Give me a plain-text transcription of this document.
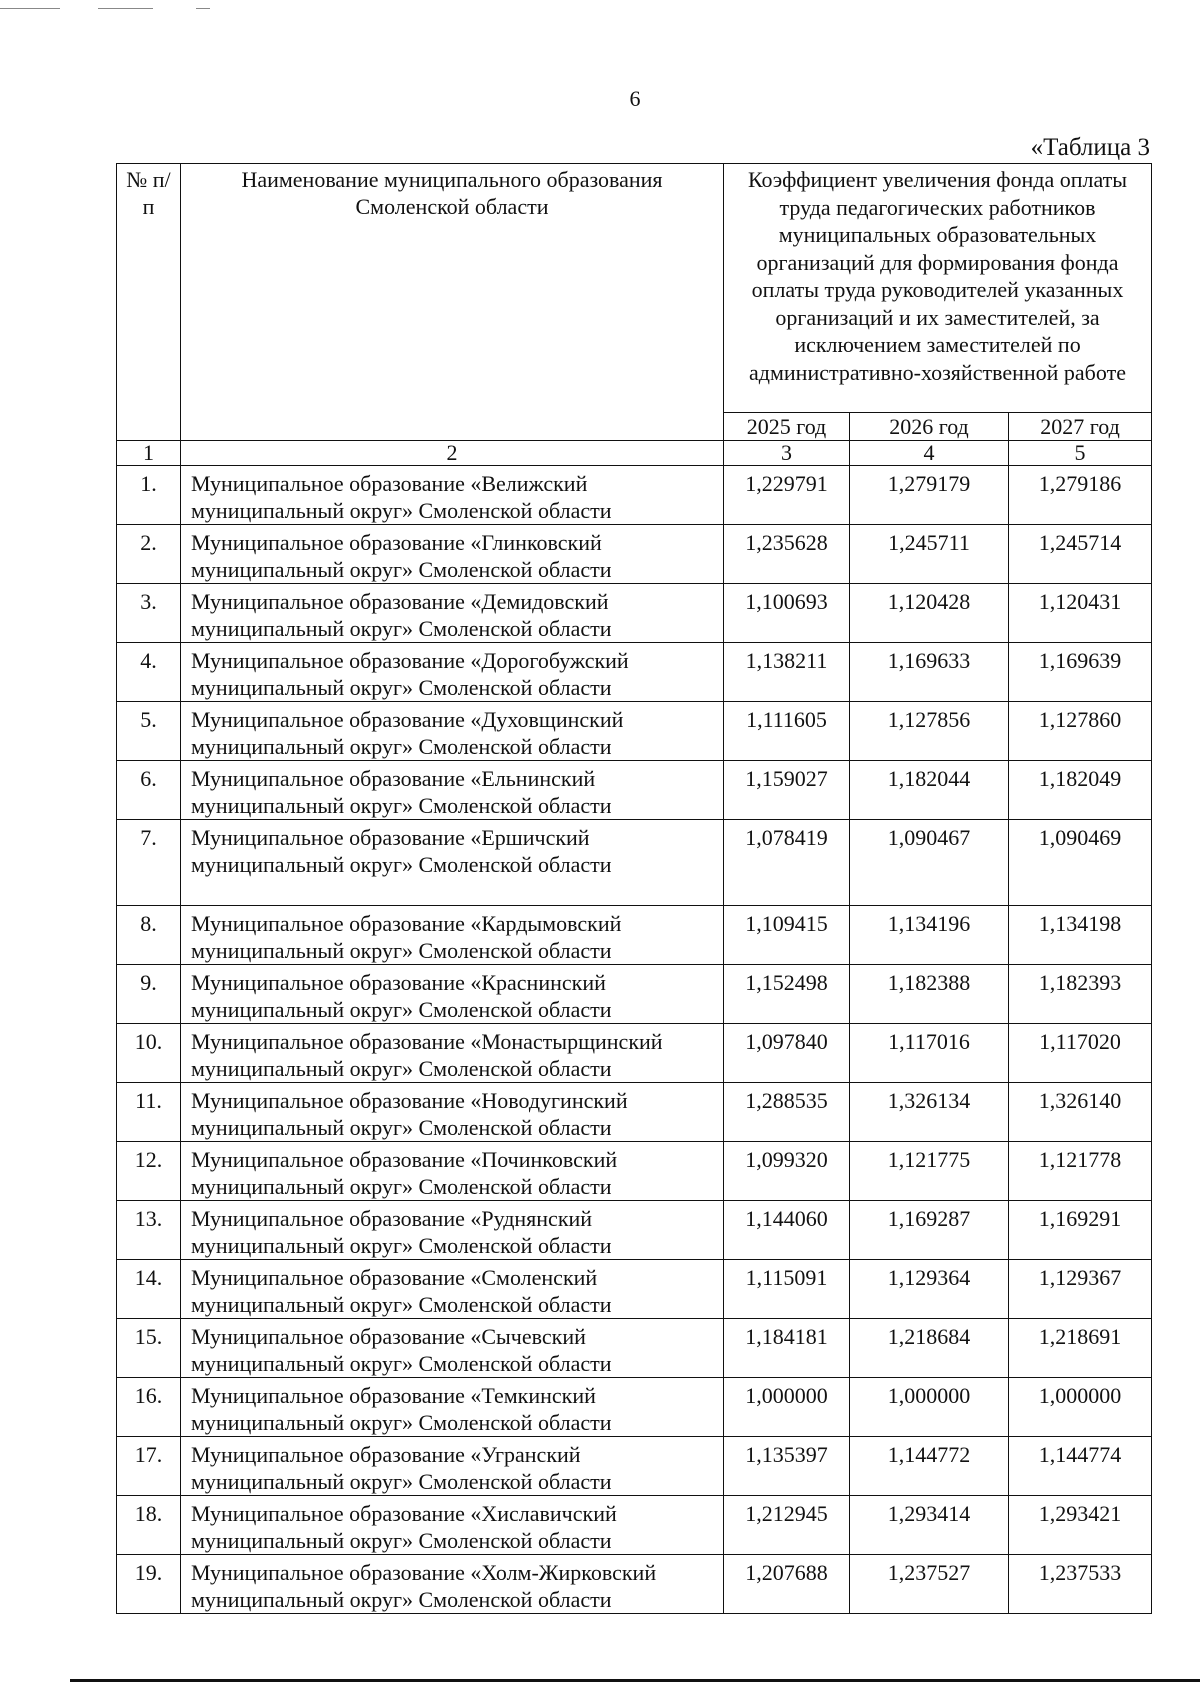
6
«Таблица 3
№ п/п	Наименование муниципального образования Смоленской области	Коэффициент увеличения фонда оплаты труда педагогических работников муниципальных образовательных организаций для формирования фонда оплаты труда руководителей указанных организаций и их заместителей, за исключением заместителей по административно-хозяйственной работе		
		2025 год	2026 год	2027 год
1	2	3	4	5
1.	Муниципальное образование «Велижский муниципальный округ» Смоленской области	1,229791	1,279179	1,279186
2.	Муниципальное образование «Глинковский муниципальный округ» Смоленской области	1,235628	1,245711	1,245714
3.	Муниципальное образование «Демидовский муниципальный округ» Смоленской области	1,100693	1,120428	1,120431
4.	Муниципальное образование «Дорогобужский муниципальный округ» Смоленской области	1,138211	1,169633	1,169639
5.	Муниципальное образование «Духовщинский муниципальный округ» Смоленской области	1,111605	1,127856	1,127860
6.	Муниципальное образование «Ельнинский муниципальный округ» Смоленской области	1,159027	1,182044	1,182049
7.	Муниципальное образование «Ершичский муниципальный округ» Смоленской области	1,078419	1,090467	1,090469
8.	Муниципальное образование «Кардымовский муниципальный округ» Смоленской области	1,109415	1,134196	1,134198
9.	Муниципальное образование «Краснинский муниципальный округ» Смоленской области	1,152498	1,182388	1,182393
10.	Муниципальное образование «Монастырщинский муниципальный округ» Смоленской области	1,097840	1,117016	1,117020
11.	Муниципальное образование «Новодугинский муниципальный округ» Смоленской области	1,288535	1,326134	1,326140
12.	Муниципальное образование «Починковский муниципальный округ» Смоленской области	1,099320	1,121775	1,121778
13.	Муниципальное образование «Руднянский муниципальный округ» Смоленской области	1,144060	1,169287	1,169291
14.	Муниципальное образование «Смоленский муниципальный округ» Смоленской области	1,115091	1,129364	1,129367
15.	Муниципальное образование «Сычевский муниципальный округ» Смоленской области	1,184181	1,218684	1,218691
16.	Муниципальное образование «Темкинский муниципальный округ» Смоленской области	1,000000	1,000000	1,000000
17.	Муниципальное образование «Угранский муниципальный округ» Смоленской области	1,135397	1,144772	1,144774
18.	Муниципальное образование «Хиславичский муниципальный округ» Смоленской области	1,212945	1,293414	1,293421
19.	Муниципальное образование «Холм-Жирковский муниципальный округ» Смоленской области	1,207688	1,237527	1,237533
